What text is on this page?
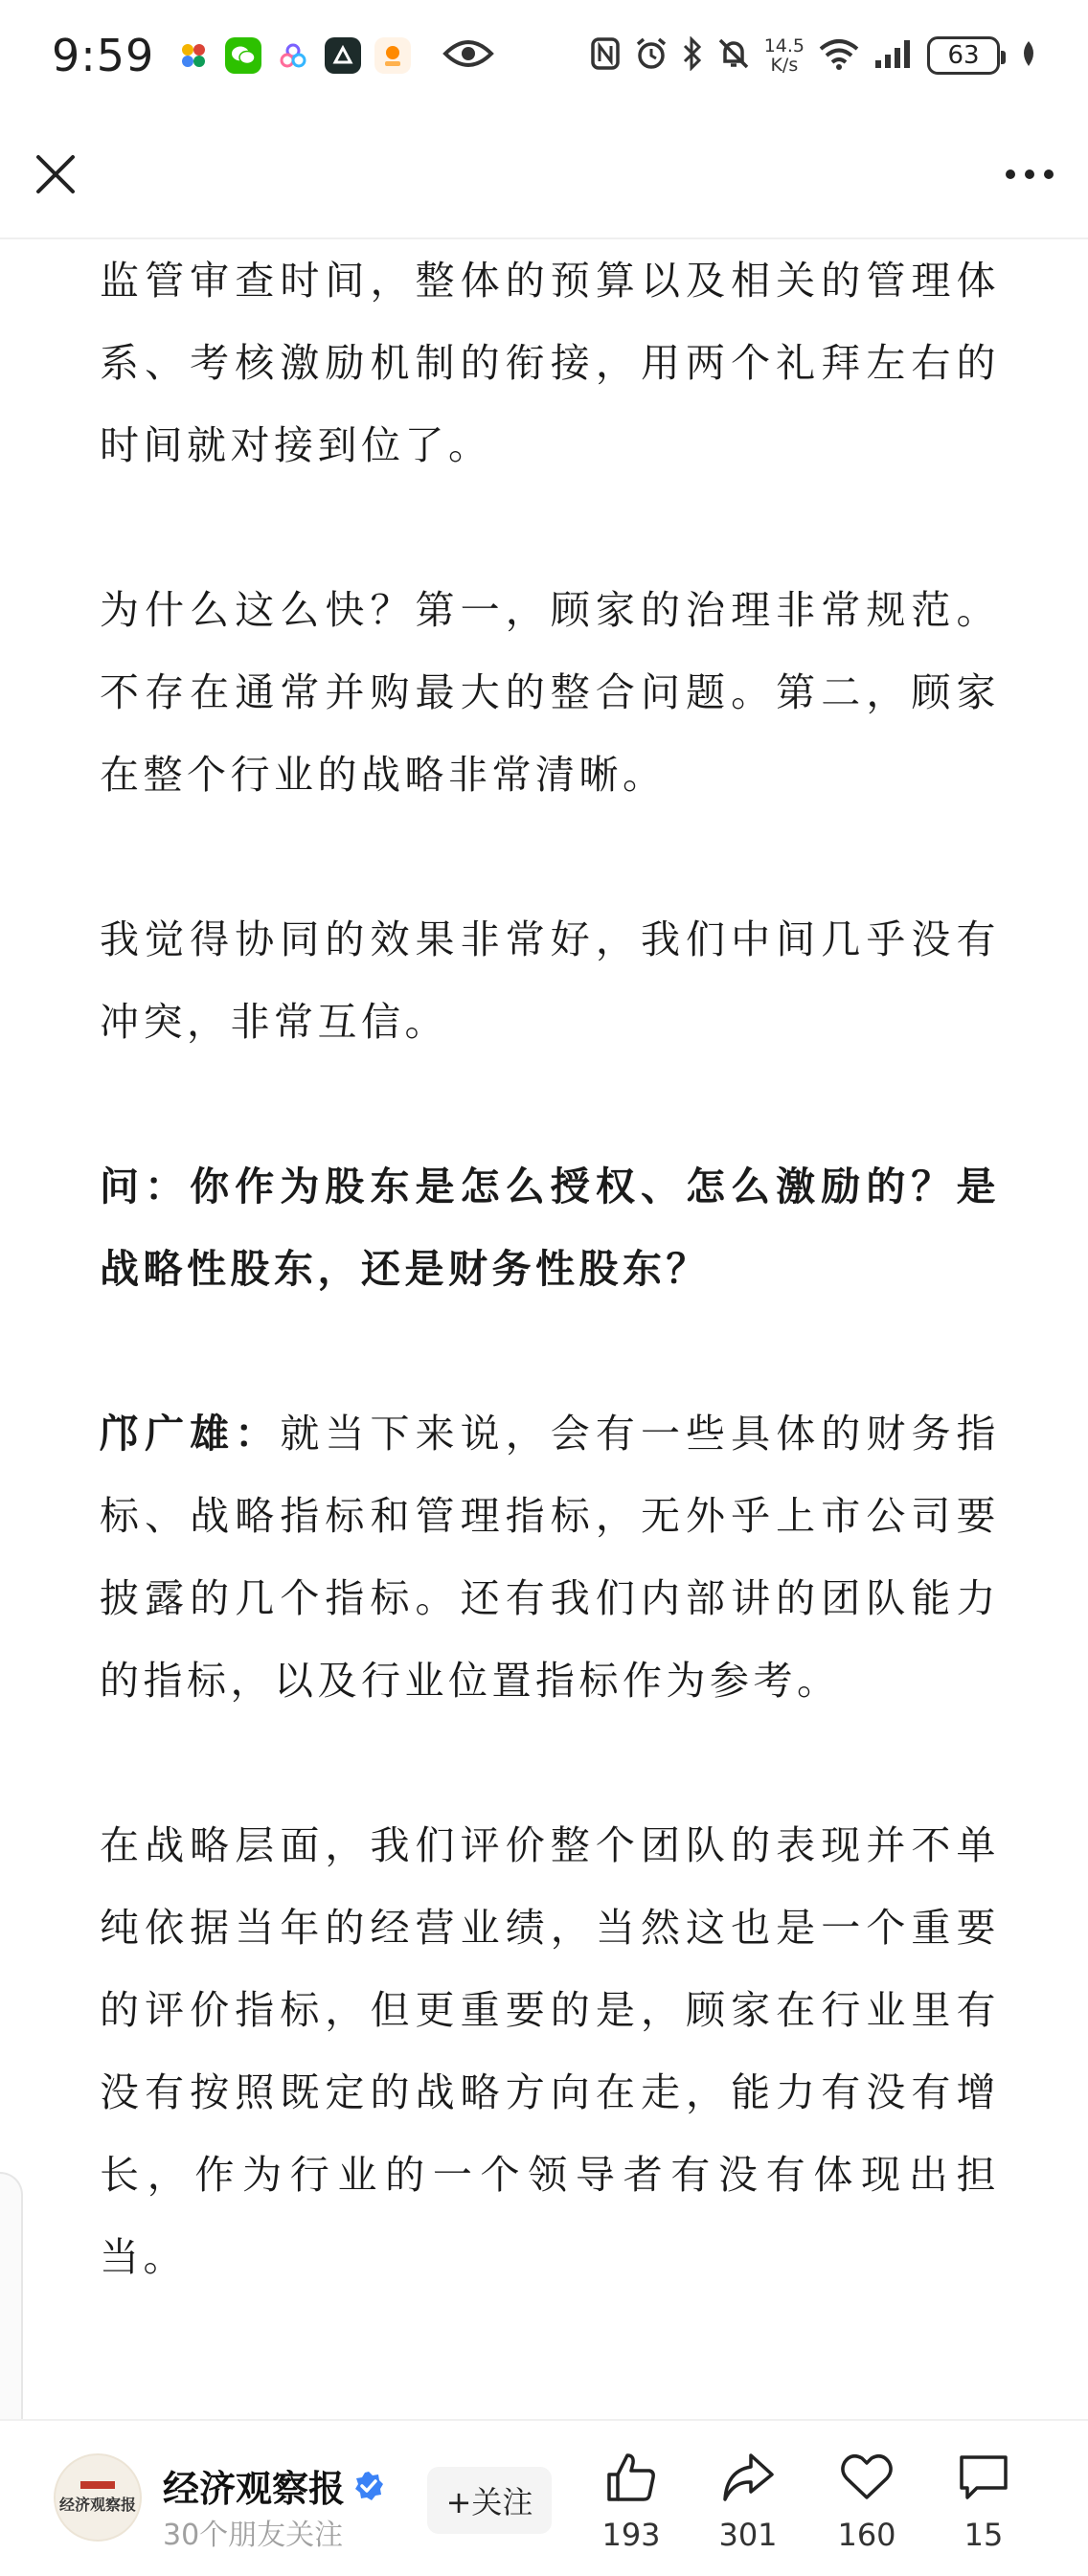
9:59	14.5
K/s	63

监管审查时间，整体的预算以及相关的管理体系、考核激励机制的衔接，用两个礼拜左右的时间就对接到位了。

为什么这么快？第一，顾家的治理非常规范。不存在通常并购最大的整合问题。第二，顾家在整个行业的战略非常清晰。

我觉得协同的效果非常好，我们中间几乎没有冲突，非常互信。

问：你作为股东是怎么授权、怎么激励的？是战略性股东，还是财务性股东？

邝广雄：就当下来说，会有一些具体的财务指标、战略指标和管理指标，无外乎上市公司要披露的几个指标。还有我们内部讲的团队能力的指标，以及行业位置指标作为参考。

在战略层面，我们评价整个团队的表现并不单纯依据当年的经营业绩，当然这也是一个重要的评价指标，但更重要的是，顾家在行业里有没有按照既定的战略方向在走，能力有没有增长，作为行业的一个领导者有没有体现出担当。

经济观察报 经济观察报
30个朋友关注
+关注
193 301 160 15
